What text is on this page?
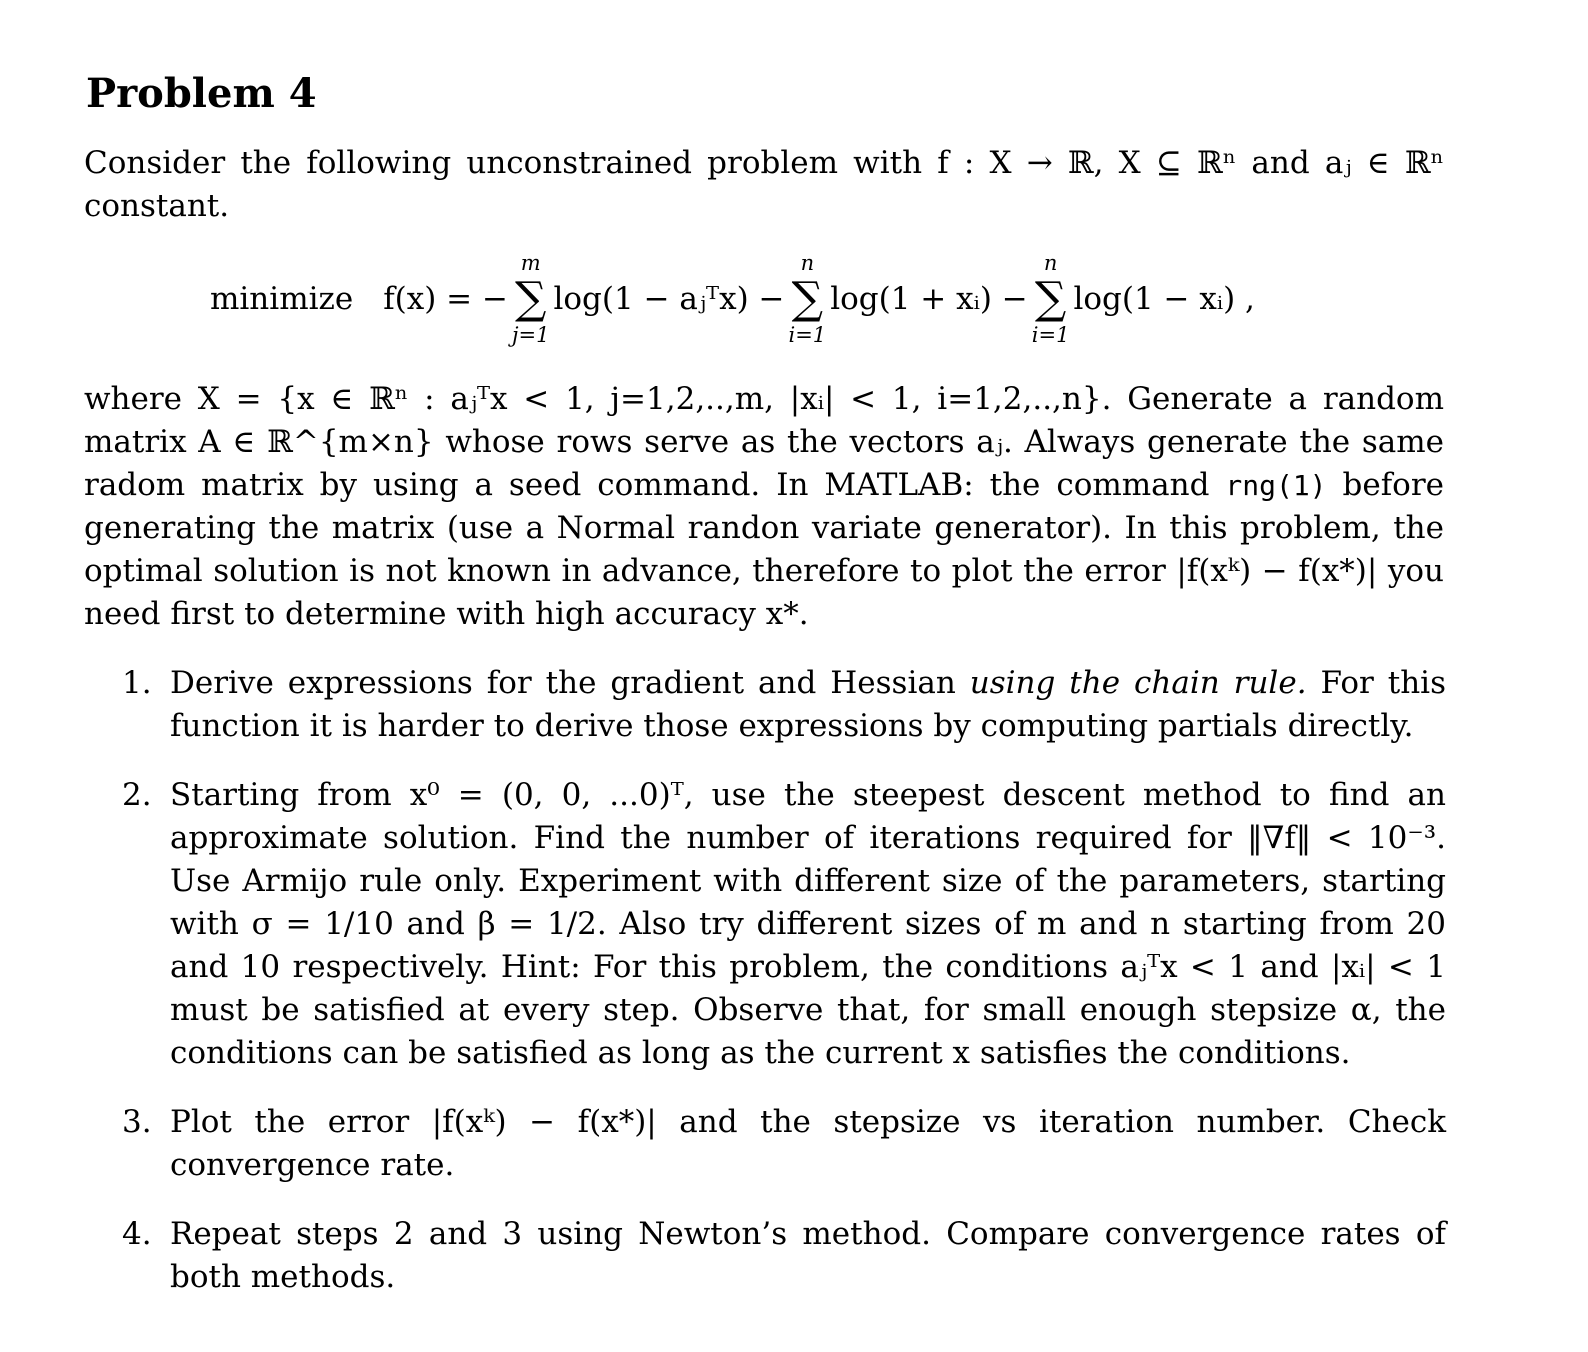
Problem 4

Consider the following unconstrained problem with f : X → ℝ, X ⊆ ℝⁿ and aⱼ ∈ ℝⁿ constant.

minimize f(x) = −
m
∑
j=1
log(1 − aⱼᵀx) −
n
∑
i=1
log(1 + xᵢ) −
n
∑
i=1
log(1 − xᵢ) ,

where X = {x ∈ ℝⁿ : aⱼᵀx < 1, j=1,2,..,m, |xᵢ| < 1, i=1,2,..,n}. Generate a random matrix A ∈ ℝ^{m×n} whose rows serve as the vectors aⱼ. Always generate the same radom matrix by using a seed command. In MATLAB: the command rng(1) before generating the matrix (use a Normal randon variate generator). In this problem, the optimal solution is not known in advance, therefore to plot the error |f(xᵏ) − f(x*)| you need first to determine with high accuracy x*.

1. Derive expressions for the gradient and Hessian using the chain rule. For this function it is harder to derive those expressions by computing partials directly.
2. Starting from x⁰ = (0, 0, ...0)ᵀ, use the steepest descent method to find an approximate solution. Find the number of iterations required for ‖∇f‖ < 10⁻³. Use Armijo rule only. Experiment with different size of the parameters, starting with σ = 1/10 and β = 1/2. Also try different sizes of m and n starting from 20 and 10 respectively. Hint: For this problem, the conditions aⱼᵀx < 1 and |xᵢ| < 1 must be satisfied at every step. Observe that, for small enough stepsize α, the conditions can be satisfied as long as the current x satisfies the conditions.
3. Plot the error |f(xᵏ) − f(x*)| and the stepsize vs iteration number. Check convergence rate.
4. Repeat steps 2 and 3 using Newton’s method. Compare convergence rates of both methods.
